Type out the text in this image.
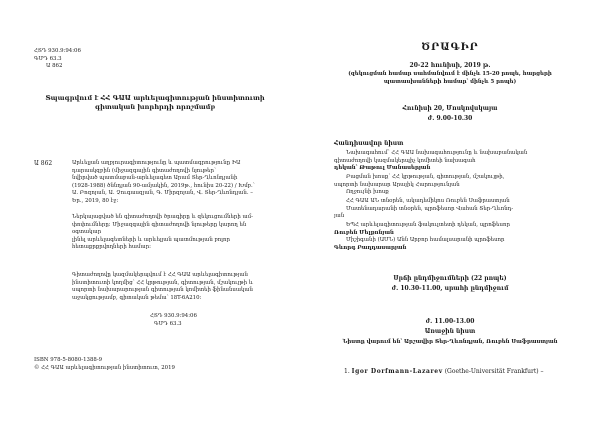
ՀՏԴ 930.9:94:06

ԳՄԴ 63.3

Ա 862

Տպագրվում է ՀՀ ԳԱԱ արևելագիտության ինստիտուտի գիտական խորհրդի որոշմամբ
Ա 862	Արևելյան աղբյուրագիտությունը և պատմագրությունը ԻԱ

դարասկզբին (միջազգային գիտաժողովի նյութեր՝

նվիրված պատմաբան-արևելագետ Արամ Տեր-Ղևոնդյանի

(1928-1988) ծննդյան 90-ամյակին, 2019թ., հունիս 20-22) / Խմբ.՝

Ա. Բոզոյան, Ա. Չուգասզյան, Գ. Միրզոյան, Վ. Տեր-Ղևոնդյան. –

Եր., 2019, 80 էջ:

Ներկայացված են գիտաժողովի ծրագիրը և զեկուցումների ամ-

փոփումները: Միջազգային գիտաժողովի նյութերը կարող են օգտակար

լինել արևելագետների և արևելյան պատմության բոլոր

հետաքրքրվողների համար:

Գիտաժողովը կազմակերպվում է ՀՀ ԳԱԱ արևելագիտության

ինստիտուտի կողմից՝ ՀՀ կրթության, գիտության, մշակույթի և

սպորտի նախարարության գիտության կոմիտեի ֆինանսական

աջակցությամբ, գիտական թեմա՝ 18T-6A210:

ՀՏԴ 930.9:94:06

ԳՄԴ 63.3

ISBN 978-5-8080-1388-9

© ՀՀ ԳԱԱ արևելագիտության ինստիտուտ, 2019

ԾՐԱԳԻՐ
20-22 հունիսի, 2019 թ.

(զեկուցման համար սահմանվում է մինչև 15-20 րոպե, հարցերի

պատասխանների համար՝ մինչև 5 րոպե)

Հունիսի 20, Մոսկովսկայա
ժ. 9.00-10.30
Հանդիսավոր նիստ

Նախագահում՝ ՀՀ ԳԱԱ նախագահությունը և նախաբանական

գիտաժողովի կազմակերպիչ կոմիտեի նախագահ

դեկան՝ Թաթուլ Մանասերյան

Բացման խոսք՝ ՀՀ կրթության, գիտության, մշակույթի,

սպորտի նախարար Արայիկ Հարությունյան

Ողջույնի խոսք

ՀՀ ԳԱԱ ԱՆ տնօրեն, ակադեմիկոս Ռուբեն Սաֆրաստյան

Մատենադարանի տնօրեն, պրոֆեսոր Վահան Տեր-Ղևոնդ-

յան

ԵՊՀ արևելագիտության ֆակուլտետի դեկան, պրոֆեսոր

Ռուբեն Մելքոնյան

Միշիգանի (ԱՄՆ) Անն Արբոր համալսարանի պրոֆեսոր

Գևորգ Բաղդասարյան

Սրճի ընդմիջումների (22 րոպե)
ժ. 10.30-11.00, սրահի ընդմիջում
ժ. 11.00-13.00
Առաջին նիստ
Նիստը վարում են՝ Արշավիր Տեր-Ղևոնդյան, Ռուբեն Սաֆրաստյան
1. Igor Dorfmann-Lazarev (Goethe-Universität Frankfurt) –
